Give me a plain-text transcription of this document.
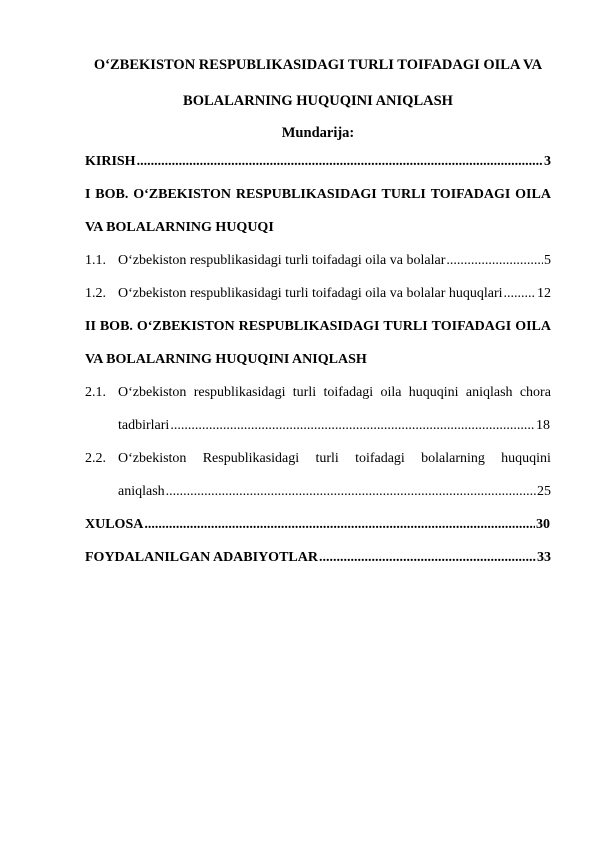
O‘ZBEKISTON RESPUBLIKASIDAGI TURLI TOIFADAGI OILA VA
BOLALARNING HUQUQINI ANIQLASH
Mundarija:
KIRISH .....	3
I BOB. O‘ZBEKISTON RESPUBLIKASIDAGI TURLI TOIFADAGI OILA
VA BOLALARNING HUQUQI
1.1. O‘zbekiston respublikasidagi turli toifadagi oila va bolalar .....	5
1.2. O‘zbekiston respublikasidagi turli toifadagi oila va bolalar huquqlari ..... 12
II BOB. O‘ZBEKISTON RESPUBLIKASIDAGI TURLI TOIFADAGI OILA
VA BOLALARNING HUQUQINI ANIQLASH
2.1. O‘zbekiston respublikasidagi turli toifadagi oila huquqini aniqlash chora
tadbirlari .....	18
2.2. O‘zbekiston Respublikasidagi turli toifadagi bolalarning huquqini
aniqlash .....	25
XULOSA .....	30
FOYDALANILGAN ADABIYOTLAR .....	33
